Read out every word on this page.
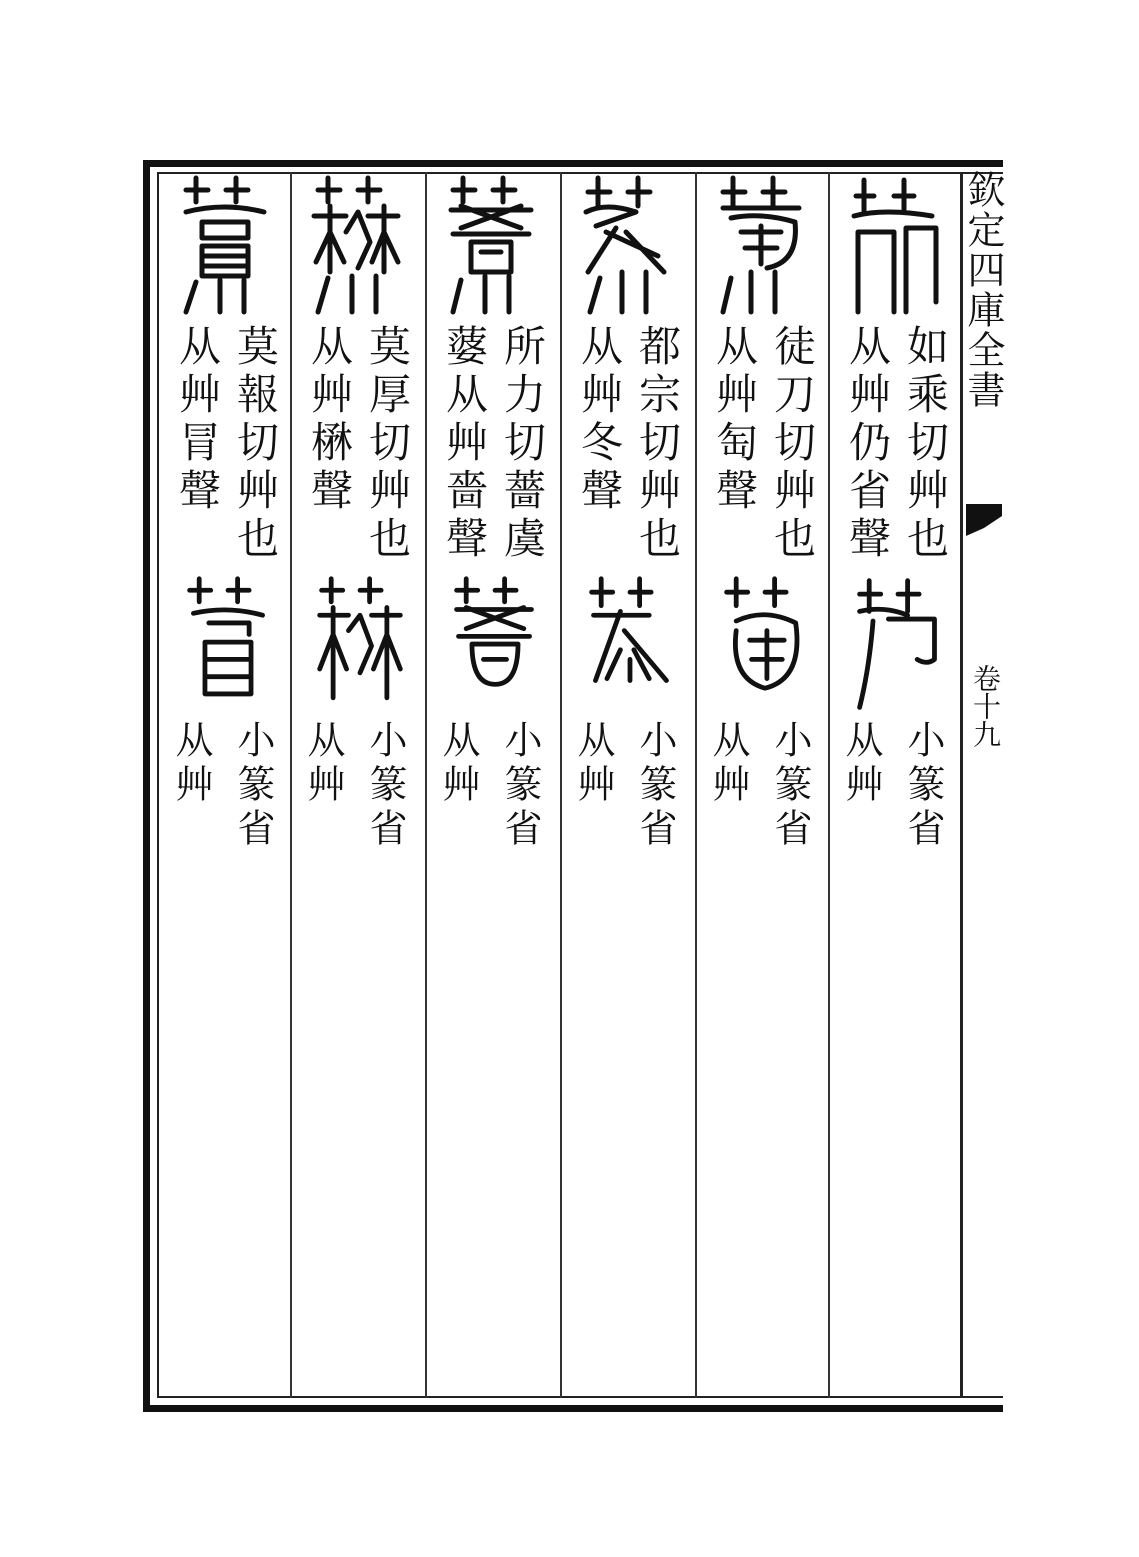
欽定四庫全書
卷十九
如乘切艸也
从艸仍省聲
小篆省
从艸
徒刀切艸也
从艸匋聲
小篆省
从艸
都宗切艸也
从艸冬聲
小篆省
从艸
所力切薔虞
蔢从艸嗇聲
小篆省
从艸
莫厚切艸也
从艸楙聲
小篆省
从艸
莫報切艸也
从艸冐聲
小篆省
从艸
